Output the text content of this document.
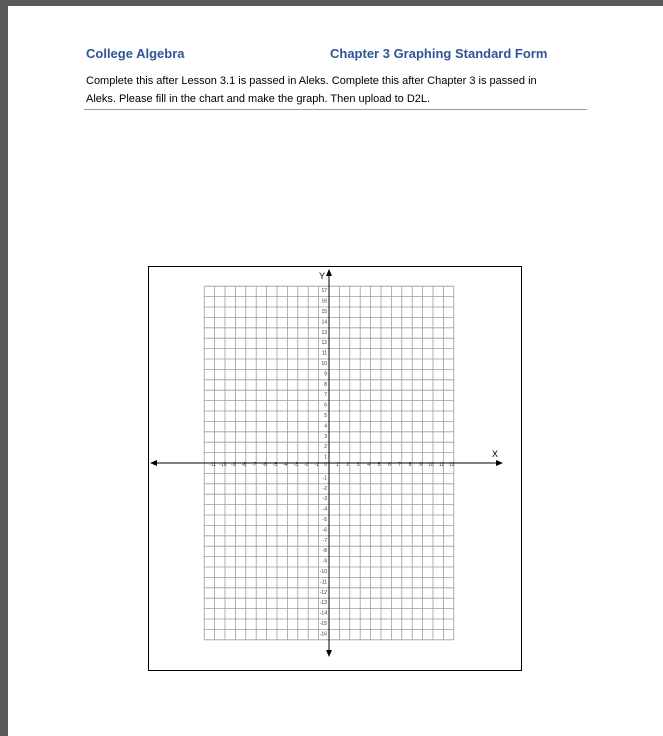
College Algebra	Chapter 3 Graphing Standard Form
Complete this after Lesson 3.1 is passed in Aleks. Complete this after Chapter 3 is passed in
Aleks. Please fill in the chart and make the graph. Then upload to D2L.
X
Y
-11 -10 -9 -8 -7 -6 -5 -4 -3 -2 -1	1 2 3 4 5 6 7 8 9 10 11 12
0
-16
-15
-14
-13
-12
-11
-10
-9
-8
-7
-6
-5
-4
-3
-2
-1
1
2
3
4
5
6
7
8
9
10
11
12
13
14
15
16
17
